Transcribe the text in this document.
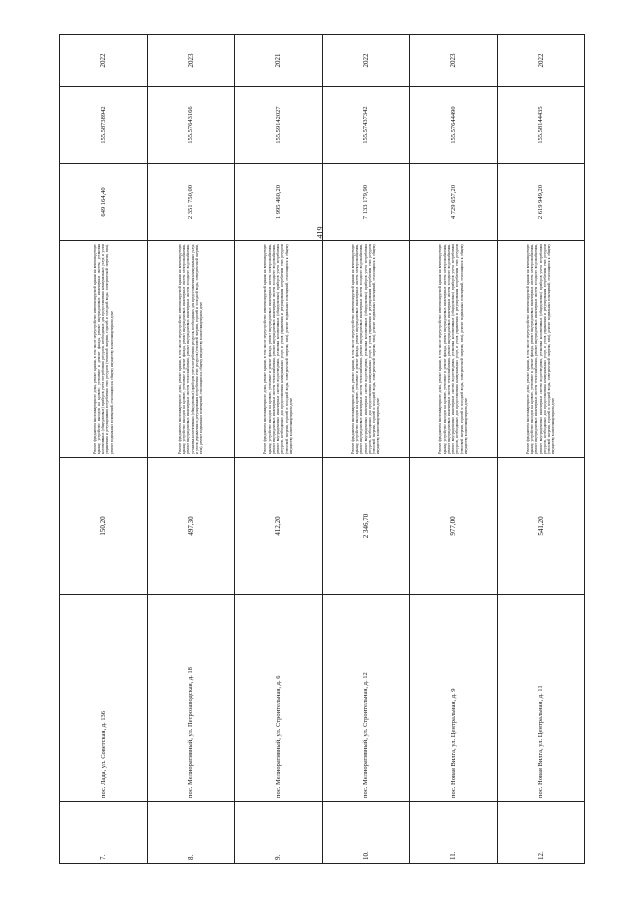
419
7.	пос. Лада, ул. Советская, д. 136	150,20	Ремонт фундамента многоквартирного дома, ремонт крыши, в том числе переустройство невентилируемой крыши на вентилируемую крышу, устройство выходов на кровлю, утепление и ремонт фасада, ремонт внутридомовых инженерных систем, установка коллективных (общедомовых) приборов учета потребления ресурсов, необходимых для предоставления коммунальных услуг, и узлов управления и регулирования потребления этих ресурсов (тепловой энергии, горячей и холодной воды, электрической энергии, газа), ремонт подвальных помещений, относящихся к общему имуществу в многоквартирном доме	649 164,40	155.58738942	2022
8.	пос. Мелиоративный, ул. Петрозаводская, д. 18	497,30	Ремонт фундамента многоквартирного дома, ремонт крыши, в том числе переустройство невентилируемой крыши на вентилируемую крышу, устройство выходов на кровлю, утепление и ремонт фасада, ремонт внутридомовых инженерных систем электроснабжения, ремонт внутридомовых инженерных систем теплоснабжения, ремонт внутридомовых инженерных систем холодного водоснабжения, установка коллективных (общедомовых) приборов учета потребления ресурсов, необходимых для предоставления коммунальных услуг, и узлов управления и регулирования потребления этих ресурсов (тепловой энергии, горячей и холодной воды, электрической энергии, газа), ремонт подвальных помещений, относящихся к общему имуществу в многоквартирном доме	2 351 750,00	155.57643166	2023
9.	пос. Мелиоративный, ул. Строительная, д. 6	412,20	Ремонт фундамента многоквартирного дома, ремонт крыши, в том числе переустройство невентилируемой крыши на вентилируемую крышу, устройство выходов на кровлю, утепление и ремонт фасада, ремонт внутридомовых инженерных систем электроснабжения, ремонт внутридомовых инженерных систем теплоснабжения, ремонт внутридомовых инженерных систем холодного водоснабжения, ремонт внутридомовых инженерных систем водоотведения, установка коллективных (общедомовых) приборов учета потребления ресурсов, необходимых для предоставления коммунальных услуг, и узлов управления и регулирования потребления этих ресурсов (тепловой энергии, горячей и холодной воды, электрической энергии, газа), ремонт подвальных помещений, относящихся к общему имуществу в многоквартирном доме	1 995 460,20	155.59142027	2021
10.	пос. Мелиоративный, ул. Строительная, д. 12	2 346,70	Ремонт фундамента многоквартирного дома, ремонт крыши, в том числе переустройство невентилируемой крыши на вентилируемую крышу, устройство выходов на кровлю, утепление и ремонт фасада, ремонт внутридомовых инженерных систем электроснабжения, ремонт внутридомовых инженерных систем теплоснабжения, ремонт внутридомовых инженерных систем холодного водоснабжения, ремонт внутридомовых инженерных систем водоотведения, установка коллективных (общедомовых) приборов учета потребления ресурсов, необходимых для предоставления коммунальных услуг, и узлов управления и регулирования потребления этих ресурсов (тепловой энергии, горячей и холодной воды, электрической энергии, газа), ремонт подвальных помещений, относящихся к общему имуществу в многоквартирном доме	7 133 179,90	155.57437342	2022
11.	пос. Новая Вилга, ул. Центральная, д. 9	977,00	Ремонт фундамента многоквартирного дома, ремонт крыши, в том числе переустройство невентилируемой крыши на вентилируемую крышу, устройство выходов на кровлю, утепление и ремонт фасада, ремонт внутридомовых инженерных систем электроснабжения, ремонт внутридомовых инженерных систем теплоснабжения, ремонт внутридомовых инженерных систем холодного водоснабжения, ремонт внутридомовых инженерных систем водоотведения, установка коллективных (общедомовых) приборов учета потребления ресурсов, необходимых для предоставления коммунальных услуг, и узлов управления и регулирования потребления этих ресурсов (тепловой энергии, горячей и холодной воды, электрической энергии, газа), ремонт подвальных помещений, относящихся к общему имуществу в многоквартирном доме	4 729 657,20	155.57644490	2023
12.	пос. Новая Вилга, ул. Центральная, д. 11	541,20	Ремонт фундамента многоквартирного дома, ремонт крыши, в том числе переустройство невентилируемой крыши на вентилируемую крышу, устройство выходов на кровлю, утепление и ремонт фасада, ремонт внутридомовых инженерных систем электроснабжения, ремонт внутридомовых инженерных систем теплоснабжения, ремонт внутридомовых инженерных систем холодного водоснабжения, ремонт внутридомовых инженерных систем водоотведения, установка коллективных (общедомовых) приборов учета потребления ресурсов, необходимых для предоставления коммунальных услуг, и узлов управления и регулирования потребления этих ресурсов (тепловой энергии, горячей и холодной воды, электрической энергии, газа), ремонт подвальных помещений, относящихся к общему имуществу в многоквартирном доме	2 619 949,20	155.58144435	2022
